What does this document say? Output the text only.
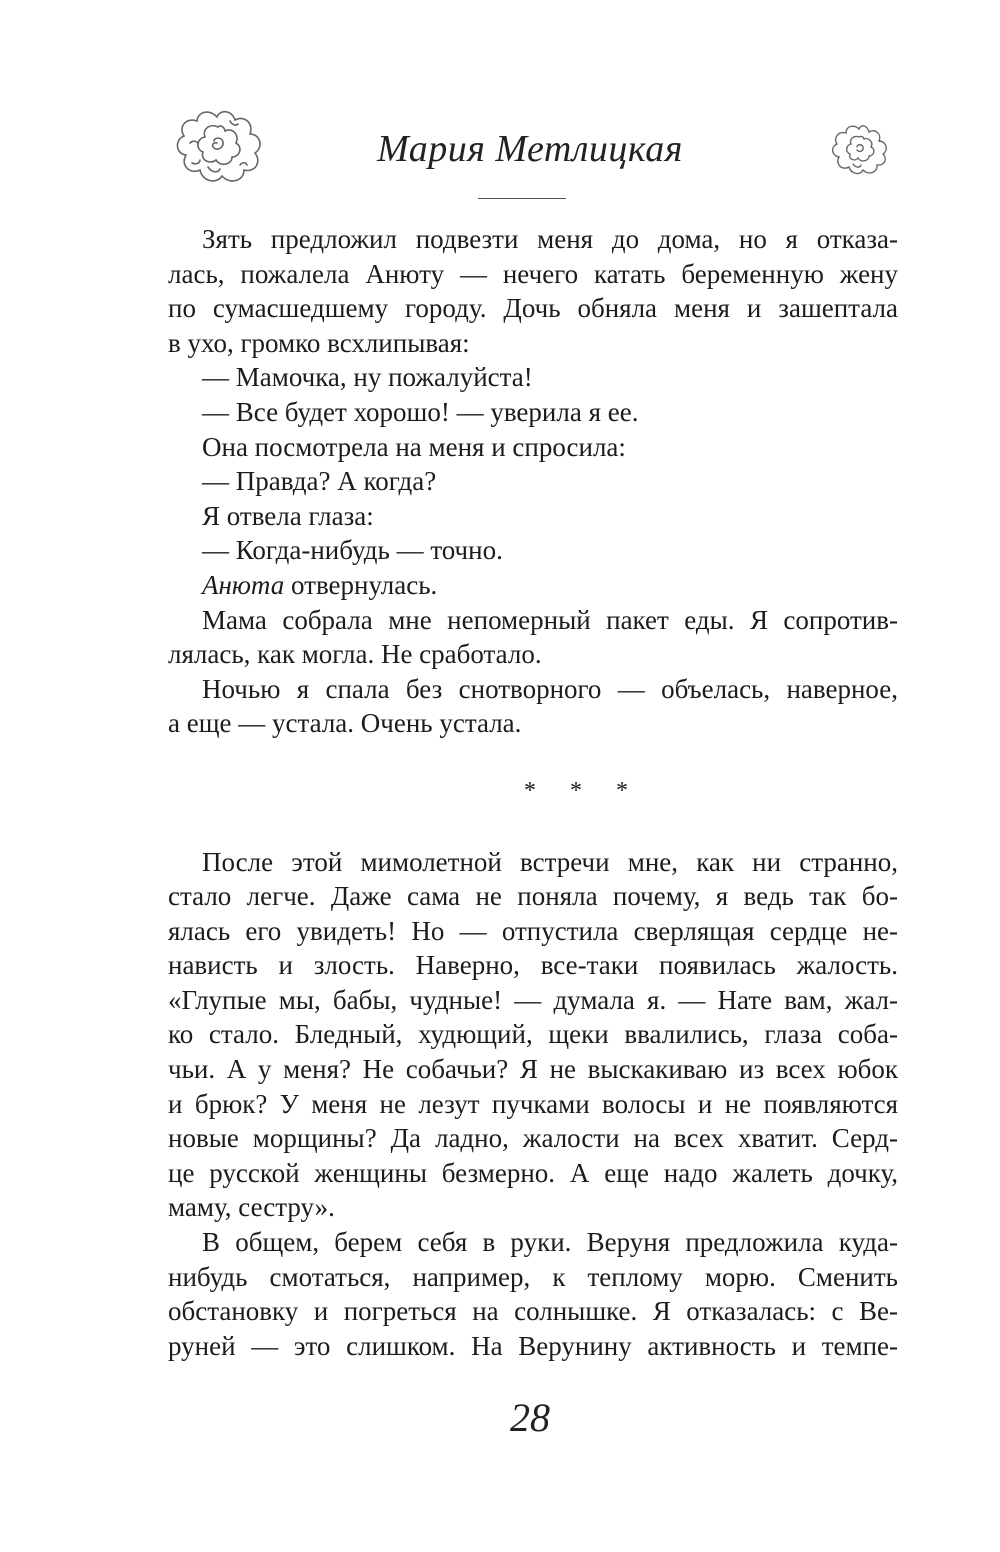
Мария Метлицкая
Зять предложил подвезти меня до дома, но я отказа-
лась, пожалела Анюту — нечего катать беременную жену
по сумасшедшему городу. Дочь обняла меня и зашептала
в ухо, громко всхлипывая:
— Мамочка, ну пожалуйста!
— Все будет хорошо! — уверила я ее.
Она посмотрела на меня и спросила:
— Правда? А когда?
Я отвела глаза:
— Когда-нибудь — точно.
Анюта отвернулась.
Мама собрала мне непомерный пакет еды. Я сопротив-
лялась, как могла. Не сработало.
Ночью я спала без снотворного — объелась, наверное,
а еще — устала. Очень устала.
* * *
После этой мимолетной встречи мне, как ни странно,
стало легче. Даже сама не поняла почему, я ведь так бо-
ялась его увидеть! Но — отпустила сверлящая сердце не-
нависть и злость. Наверно, все-таки появилась жалость.
«Глупые мы, бабы, чудные! — думала я. — Нате вам, жал-
ко стало. Бледный, худющий, щеки ввалились, глаза соба-
чьи. А у меня? Не собачьи? Я не выскакиваю из всех юбок
и брюк? У меня не лезут пучками волосы и не появляются
новые морщины? Да ладно, жалости на всех хватит. Серд-
це русской женщины безмерно. А еще надо жалеть дочку,
маму, сестру».
В общем, берем себя в руки. Веруня предложила куда-
нибудь смотаться, например, к теплому морю. Сменить
обстановку и погреться на солнышке. Я отказалась: с Ве-
руней — это слишком. На Верунину активность и темпе-
28
